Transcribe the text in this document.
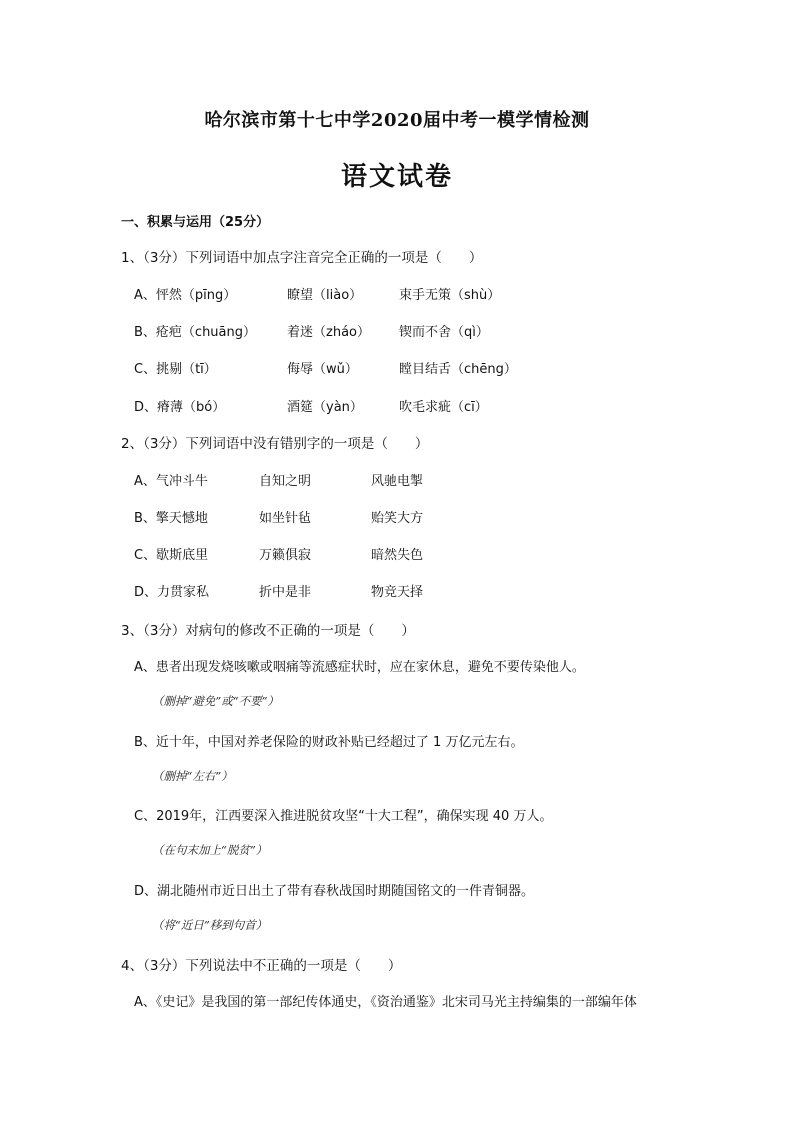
哈尔滨市第十七中学2020届中考一模学情检测
语文试卷
一、积累与运用（25分）
1、（3分）下列词语中加点字注音完全正确的一项是（　　）
A、怦然（pīng）	瞭望（liào）	束手无策（shù）
B、疮疤（chuāng） 着迷（zháo） 锲而不舍（qì）
C、挑剔（tī）	侮辱（wǔ）	瞠目结舌（chēng）
D、瘠薄（bó）	酒筵（yàn）	吹毛求疵（cī）
2、（3分）下列词语中没有错别字的一项是（　　）
A、气冲斗牛	自知之明	风驰电掣
B、擎天憾地	如坐针毡	贻笑大方
C、歇斯底里	万籁俱寂	暗然失色
D、力贯家私	折中是非	物竞天择
3、（3分）对病句的修改不正确的一项是（　　）
A、患者出现发烧咳嗽或咽痛等流感症状时，应在家休息，避免不要传染他人。
（删掉“避免”或“不要”）
B、近十年，中国对养老保险的财政补贴已经超过了 1 万亿元左右。
（删掉“左右”）
C、2019年，江西要深入推进脱贫攻坚“十大工程”，确保实现 40 万人。
（在句末加上“脱贫”）
D、湖北随州市近日出土了带有春秋战国时期随国铭文的一件青铜器。
（将“近日”移到句首）
4、（3分）下列说法中不正确的一项是（　　）
A、《史记》是我国的第一部纪传体通史，《资治通鉴》北宋司马光主持编集的一部编年体
